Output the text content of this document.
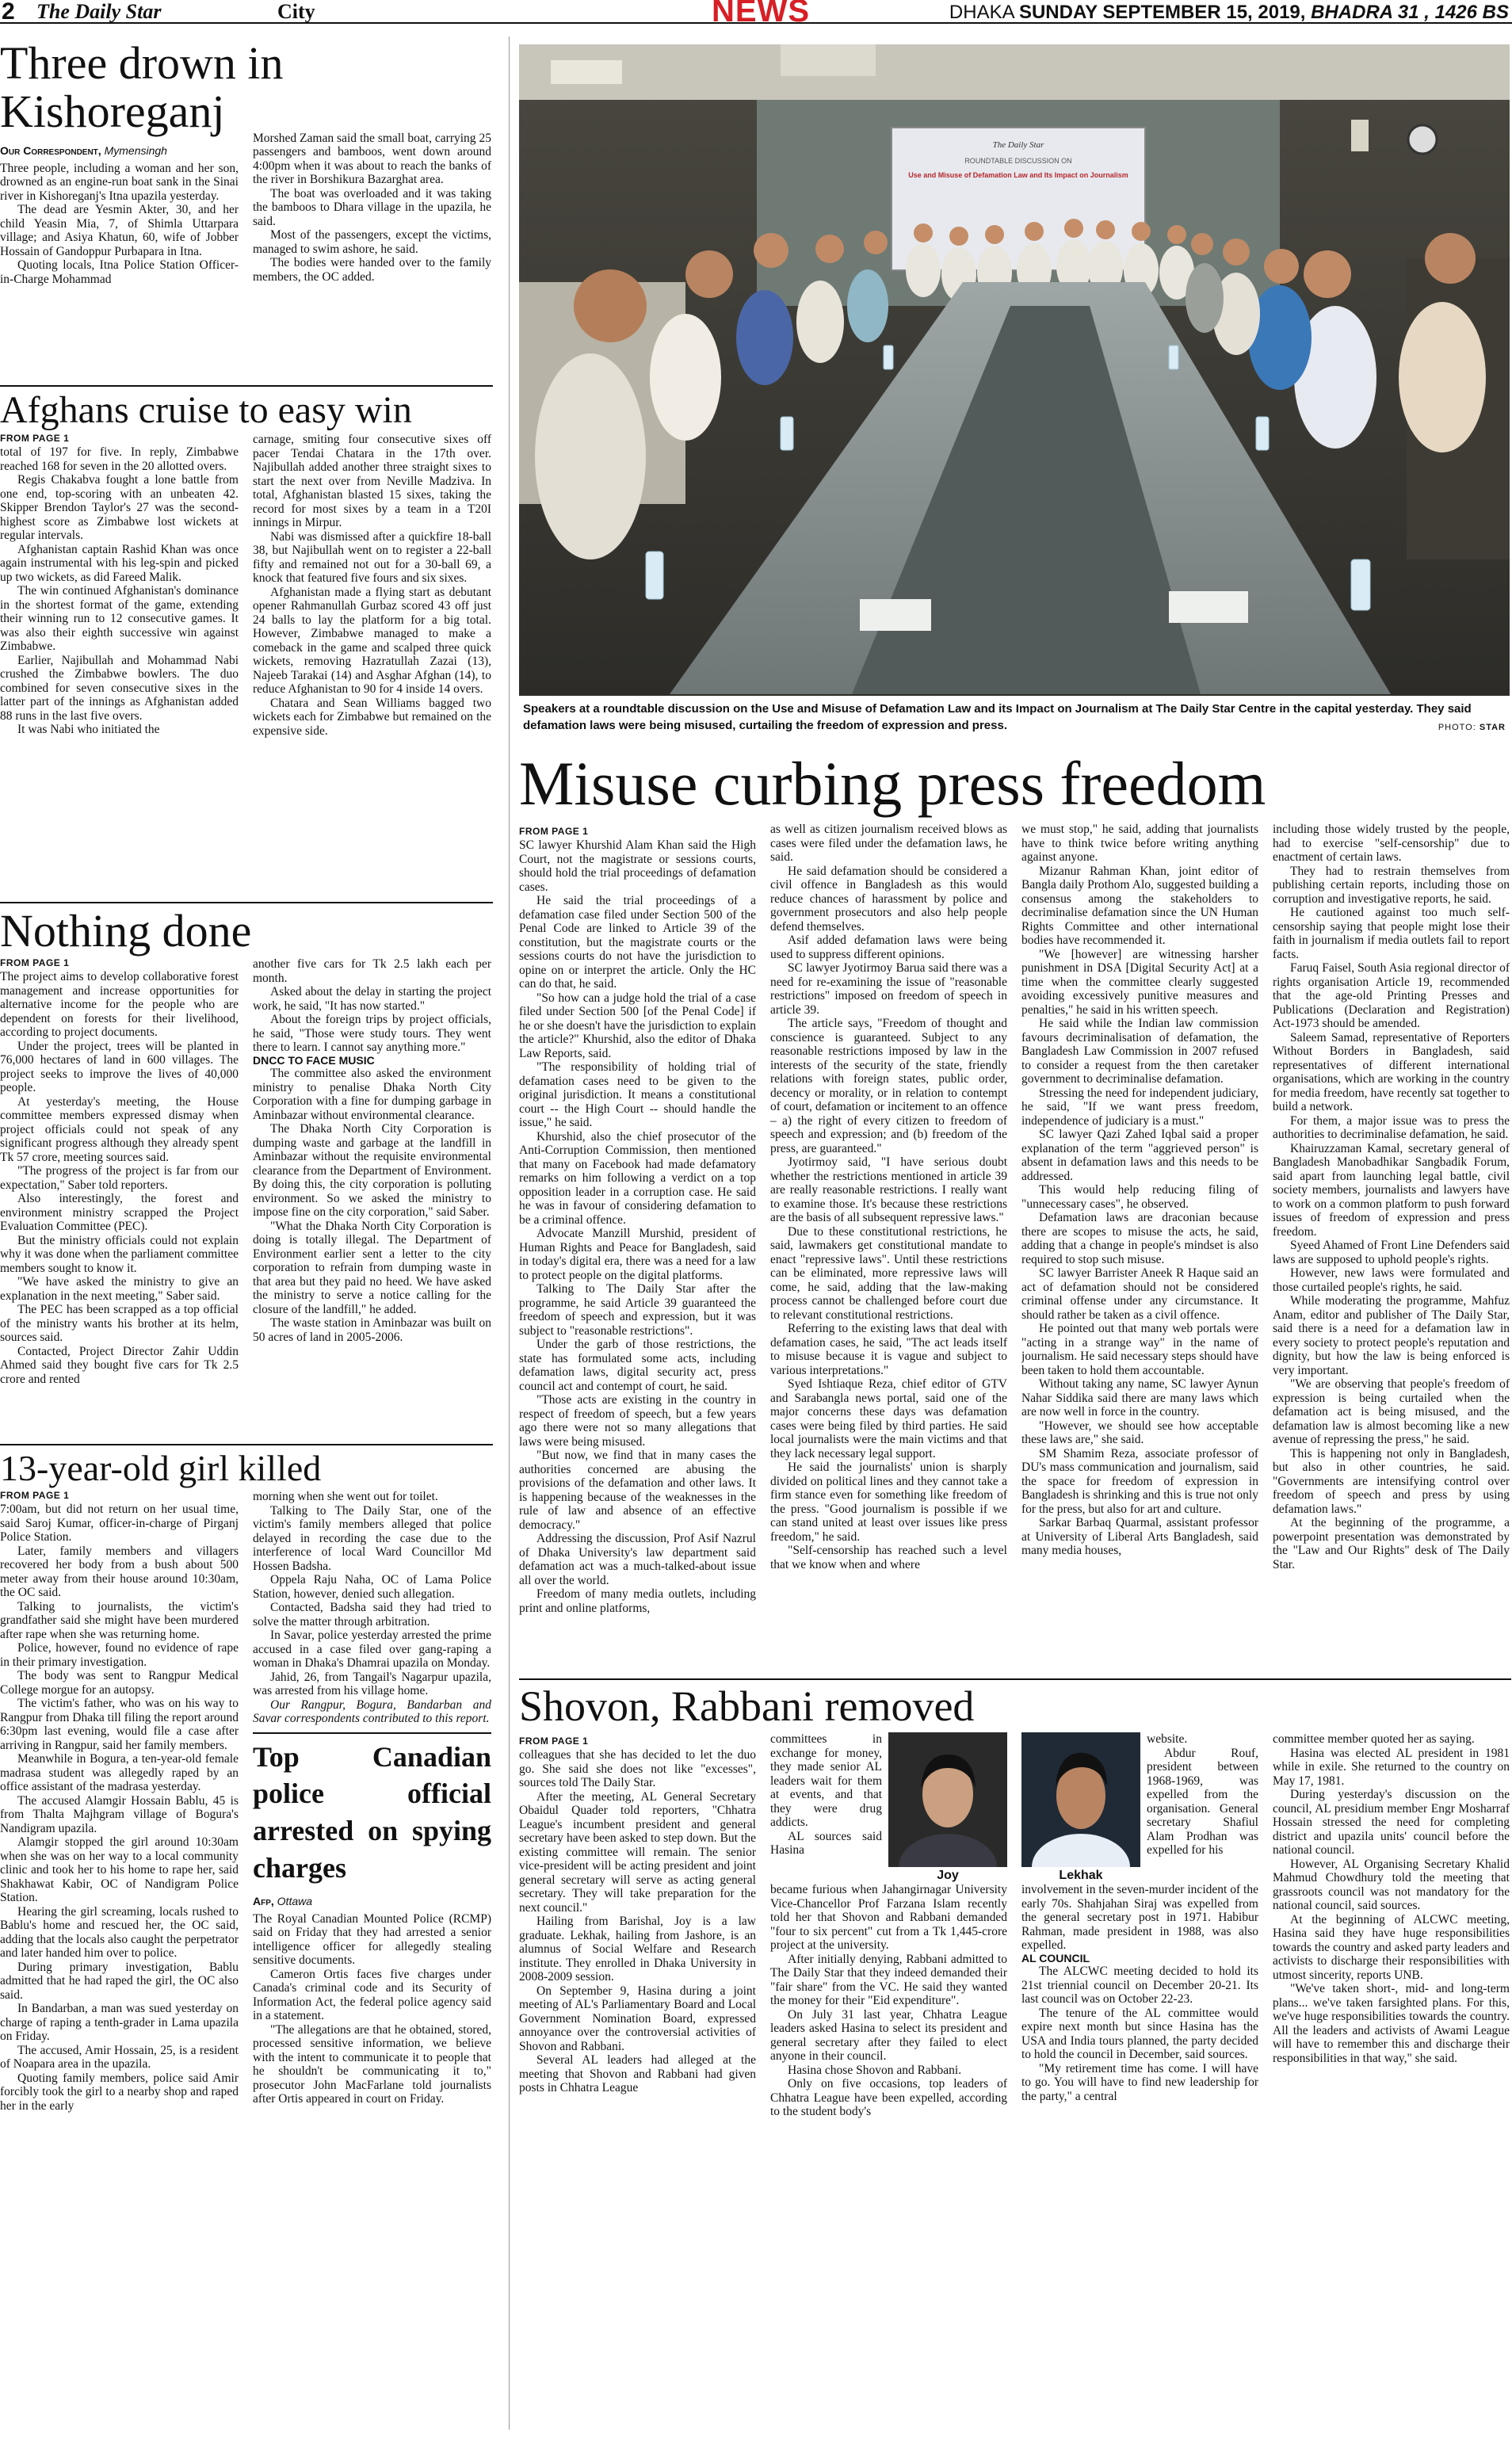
2 The Daily Star	City	NEWS	DHAKA SUNDAY SEPTEMBER 15, 2019, BHADRA 31 , 1426 BS
Three drown in Kishoreganj
Our Correspondent, Mymensingh

Three people, including a woman and her son, drowned as an engine-run boat sank in the Sinai river in Kishoreganj's Itna upazila yesterday.

The dead are Yesmin Akter, 30, and her child Yeasin Mia, 7, of Shimla Uttarpara village; and Asiya Khatun, 60, wife of Jobber Hossain of Gandoppur Purbapara in Itna.

Quoting locals, Itna Police Station Officer-in-Charge Mohammad

Morshed Zaman said the small boat, carrying 25 passengers and bamboos, went down around 4:00pm when it was about to reach the banks of the river in Borshikura Bazarghat area.

The boat was overloaded and it was taking the bamboos to Dhara village in the upazila, he said.

Most of the passengers, except the victims, managed to swim ashore, he said.

The bodies were handed over to the family members, the OC added.

Afghans cruise to easy win
FROM PAGE 1

total of 197 for five. In reply, Zimbabwe reached 168 for seven in the 20 allotted overs.

Regis Chakabva fought a lone battle from one end, top-scoring with an unbeaten 42. Skipper Brendon Taylor's 27 was the second-highest score as Zimbabwe lost wickets at regular intervals.

Afghanistan captain Rashid Khan was once again instrumental with his leg-spin and picked up two wickets, as did Fareed Malik.

The win continued Afghanistan's dominance in the shortest format of the game, extending their winning run to 12 consecutive games. It was also their eighth successive win against Zimbabwe.

Earlier, Najibullah and Mohammad Nabi crushed the Zimbabwe bowlers. The duo combined for seven consecutive sixes in the latter part of the innings as Afghanistan added 88 runs in the last five overs.

It was Nabi who initiated the

carnage, smiting four consecutive sixes off pacer Tendai Chatara in the 17th over. Najibullah added another three straight sixes to start the next over from Neville Madziva. In total, Afghanistan blasted 15 sixes, taking the record for most sixes by a team in a T20I innings in Mirpur.

Nabi was dismissed after a quickfire 18-ball 38, but Najibullah went on to register a 22-ball fifty and remained not out for a 30-ball 69, a knock that featured five fours and six sixes.

Afghanistan made a flying start as debutant opener Rahmanullah Gurbaz scored 43 off just 24 balls to lay the platform for a big total. However, Zimbabwe managed to make a comeback in the game and scalped three quick wickets, removing Hazratullah Zazai (13), Najeeb Tarakai (14) and Asghar Afghan (14), to reduce Afghanistan to 90 for 4 inside 14 overs.

Chatara and Sean Williams bagged two wickets each for Zimbabwe but remained on the expensive side.

Nothing done
FROM PAGE 1

The project aims to develop collaborative forest management and increase opportunities for alternative income for the people who are dependent on forests for their livelihood, according to project documents.

Under the project, trees will be planted in 76,000 hectares of land in 600 villages. The project seeks to improve the lives of 40,000 people.

At yesterday's meeting, the House committee members expressed dismay when project officials could not speak of any significant progress although they already spent Tk 57 crore, meeting sources said.

"The progress of the project is far from our expectation," Saber told reporters.

Also interestingly, the forest and environment ministry scrapped the Project Evaluation Committee (PEC).

But the ministry officials could not explain why it was done when the parliament committee members sought to know it.

"We have asked the ministry to give an explanation in the next meeting," Saber said.

The PEC has been scrapped as a top official of the ministry wants his brother at its helm, sources said.

Contacted, Project Director Zahir Uddin Ahmed said they bought five cars for Tk 2.5 crore and rented

another five cars for Tk 2.5 lakh each per month.

Asked about the delay in starting the project work, he said, "It has now started."

About the foreign trips by project officials, he said, "Those were study tours. They went there to learn. I cannot say anything more."

DNCC TO FACE MUSIC

The committee also asked the environment ministry to penalise Dhaka North City Corporation with a fine for dumping garbage in Aminbazar without environmental clearance.

The Dhaka North City Corporation is dumping waste and garbage at the landfill in Aminbazar without the requisite environmental clearance from the Department of Environment. By doing this, the city corporation is polluting environment. So we asked the ministry to impose fine on the city corporation," said Saber.

"What the Dhaka North City Corporation is doing is totally illegal. The Department of Environment earlier sent a letter to the city corporation to refrain from dumping waste in that area but they paid no heed. We have asked the ministry to serve a notice calling for the closure of the landfill," he added.

The waste station in Aminbazar was built on 50 acres of land in 2005-2006.

13-year-old girl killed
FROM PAGE 1

7:00am, but did not return on her usual time, said Saroj Kumar, officer-in-charge of Pirganj Police Station.

Later, family members and villagers recovered her body from a bush about 500 meter away from their house around 10:30am, the OC said.

Talking to journalists, the victim's grandfather said she might have been murdered after rape when she was returning home.

Police, however, found no evidence of rape in their primary investigation.

The body was sent to Rangpur Medical College morgue for an autopsy.

The victim's father, who was on his way to Rangpur from Dhaka till filing the report around 6:30pm last evening, would file a case after arriving in Rangpur, said her family members.

Meanwhile in Bogura, a ten-year-old female madrasa student was allegedly raped by an office assistant of the madrasa yesterday.

The accused Alamgir Hossain Bablu, 45 is from Thalta Majhgram village of Bogura's Nandigram upazila.

Alamgir stopped the girl around 10:30am when she was on her way to a local community clinic and took her to his home to rape her, said Shakhawat Kabir, OC of Nandigram Police Station.

Hearing the girl screaming, locals rushed to Bablu's home and rescued her, the OC said, adding that the locals also caught the perpetrator and later handed him over to police.

During primary investigation, Bablu admitted that he had raped the girl, the OC also said.

In Bandarban, a man was sued yesterday on charge of raping a tenth-grader in Lama upazila on Friday.

The accused, Amir Hossain, 25, is a resident of Noapara area in the upazila.

Quoting family members, police said Amir forcibly took the girl to a nearby shop and raped her in the early

morning when she went out for toilet.

Talking to The Daily Star, one of the victim's family members alleged that police delayed in recording the case due to the interference of local Ward Councillor Md Hossen Badsha.

Oppela Raju Naha, OC of Lama Police Station, however, denied such allegation.

Contacted, Badsha said they had tried to solve the matter through arbitration.

In Savar, police yesterday arrested the prime accused in a case filed over gang-raping a woman in Dhaka's Dhamrai upazila on Monday.

Jahid, 26, from Tangail's Nagarpur upazila, was arrested from his village home.

Our Rangpur, Bogura, Bandarban and Savar correspondents contributed to this report.

Top Canadian police official arrested on spying charges
Afp, Ottawa

The Royal Canadian Mounted Police (RCMP) said on Friday that they had arrested a senior intelligence officer for allegedly stealing sensitive documents.

Cameron Ortis faces five charges under Canada's criminal code and its Security of Information Act, the federal police agency said in a statement.

"The allegations are that he obtained, stored, processed sensitive information, we believe with the intent to communicate it to people that he shouldn't be communicating it to," prosecutor John MacFarlane told journalists after Ortis appeared in court on Friday.

The Daily Star
ROUNDTABLE DISCUSSION ON
Use and Misuse of Defamation Law and Its Impact on Journalism
Speakers at a roundtable discussion on the Use and Misuse of Defamation Law and its Impact on Journalism at The Daily Star Centre in the capital yesterday. They said defamation laws were being misused, curtailing the freedom of expression and press.	PHOTO: STAR
Misuse curbing press freedom
FROM PAGE 1

SC lawyer Khurshid Alam Khan said the High Court, not the magistrate or sessions courts, should hold the trial proceedings of defamation cases.

He said the trial proceedings of a defamation case filed under Section 500 of the Penal Code are linked to Article 39 of the constitution, but the magistrate courts or the sessions courts do not have the jurisdiction to opine on or interpret the article. Only the HC can do that, he said.

"So how can a judge hold the trial of a case filed under Section 500 [of the Penal Code] if he or she doesn't have the jurisdiction to explain the article?" Khurshid, also the editor of Dhaka Law Reports, said.

"The responsibility of holding trial of defamation cases need to be given to the original jurisdiction. It means a constitutional court -- the High Court -- should handle the issue," he said.

Khurshid, also the chief prosecutor of the Anti-Corruption Commission, then mentioned that many on Facebook had made defamatory remarks on him following a verdict on a top opposition leader in a corruption case. He said he was in favour of considering defamation to be a criminal offence.

Advocate Manzill Murshid, president of Human Rights and Peace for Bangladesh, said in today's digital era, there was a need for a law to protect people on the digital platforms.

Talking to The Daily Star after the programme, he said Article 39 guaranteed the freedom of speech and expression, but it was subject to "reasonable restrictions".

Under the garb of those restrictions, the state has formulated some acts, including defamation laws, digital security act, press council act and contempt of court, he said.

"Those acts are existing in the country in respect of freedom of speech, but a few years ago there were not so many allegations that laws were being misused.

"But now, we find that in many cases the authorities concerned are abusing the provisions of the defamation and other laws. It is happening because of the weaknesses in the rule of law and absence of an effective democracy."

Addressing the discussion, Prof Asif Nazrul of Dhaka University's law department said defamation act was a much-talked-about issue all over the world.

Freedom of many media outlets, including print and online platforms,

as well as citizen journalism received blows as cases were filed under the defamation laws, he said.

He said defamation should be considered a civil offence in Bangladesh as this would reduce chances of harassment by police and government prosecutors and also help people defend themselves.

Asif added defamation laws were being used to suppress different opinions.

SC lawyer Jyotirmoy Barua said there was a need for re-examining the issue of "reasonable restrictions" imposed on freedom of speech in article 39.

The article says, "Freedom of thought and conscience is guaranteed. Subject to any reasonable restrictions imposed by law in the interests of the security of the state, friendly relations with foreign states, public order, decency or morality, or in relation to contempt of court, defamation or incitement to an offence – a) the right of every citizen to freedom of speech and expression; and (b) freedom of the press, are guaranteed."

Jyotirmoy said, "I have serious doubt whether the restrictions mentioned in article 39 are really reasonable restrictions. I really want to examine those. It's because these restrictions are the basis of all subsequent repressive laws."

Due to these constitutional restrictions, he said, lawmakers get constitutional mandate to enact "repressive laws". Until these restrictions can be eliminated, more repressive laws will come, he said, adding that the law-making process cannot be challenged before court due to relevant constitutional restrictions.

Referring to the existing laws that deal with defamation cases, he said, "The act leads itself to misuse because it is vague and subject to various interpretations."

Syed Ishtiaque Reza, chief editor of GTV and Sarabangla news portal, said one of the major concerns these days was defamation cases were being filed by third parties. He said local journalists were the main victims and that they lack necessary legal support.

He said the journalists' union is sharply divided on political lines and they cannot take a firm stance even for something like freedom of the press. "Good journalism is possible if we can stand united at least over issues like press freedom," he said.

"Self-censorship has reached such a level that we know when and where

we must stop," he said, adding that journalists have to think twice before writing anything against anyone.

Mizanur Rahman Khan, joint editor of Bangla daily Prothom Alo, suggested building a consensus among the stakeholders to decriminalise defamation since the UN Human Rights Committee and other international bodies have recommended it.

"We [however] are witnessing harsher punishment in DSA [Digital Security Act] at a time when the committee clearly suggested avoiding excessively punitive measures and penalties," he said in his written speech.

He said while the Indian law commission favours decriminalisation of defamation, the Bangladesh Law Commission in 2007 refused to consider a request from the then caretaker government to decriminalise defamation.

Stressing the need for independent judiciary, he said, "If we want press freedom, independence of judiciary is a must."

SC lawyer Qazi Zahed Iqbal said a proper explanation of the term "aggrieved person" is absent in defamation laws and this needs to be addressed.

This would help reducing filing of "unnecessary cases", he observed.

Defamation laws are draconian because there are scopes to misuse the acts, he said, adding that a change in people's mindset is also required to stop such misuse.

SC lawyer Barrister Aneek R Haque said an act of defamation should not be considered criminal offense under any circumstance. It should rather be taken as a civil offence.

He pointed out that many web portals were "acting in a strange way" in the name of journalism. He said necessary steps should have been taken to hold them accountable.

Without taking any name, SC lawyer Aynun Nahar Siddika said there are many laws which are now well in force in the country.

"However, we should see how acceptable these laws are," she said.

SM Shamim Reza, associate professor of DU's mass communication and journalism, said the space for freedom of expression in Bangladesh is shrinking and this is true not only for the press, but also for art and culture.

Sarkar Barbaq Quarmal, assistant professor at University of Liberal Arts Bangladesh, said many media houses,

including those widely trusted by the people, had to exercise "self-censorship" due to enactment of certain laws.

They had to restrain themselves from publishing certain reports, including those on corruption and investigative reports, he said.

He cautioned against too much self-censorship saying that people might lose their faith in journalism if media outlets fail to report facts.

Faruq Faisel, South Asia regional director of rights organisation Article 19, recommended that the age-old Printing Presses and Publications (Declaration and Registration) Act-1973 should be amended.

Saleem Samad, representative of Reporters Without Borders in Bangladesh, said representatives of different international organisations, which are working in the country for media freedom, have recently sat together to build a network.

For them, a major issue was to press the authorities to decriminalise defamation, he said.

Khairuzzaman Kamal, secretary general of Bangladesh Manobadhikar Sangbadik Forum, said apart from launching legal battle, civil society members, journalists and lawyers have to work on a common platform to push forward issues of freedom of expression and press freedom.

Syeed Ahamed of Front Line Defenders said laws are supposed to uphold people's rights.

However, new laws were formulated and those curtailed people's rights, he said.

While moderating the programme, Mahfuz Anam, editor and publisher of The Daily Star, said there is a need for a defamation law in every society to protect people's reputation and dignity, but how the law is being enforced is very important.

"We are observing that people's freedom of expression is being curtailed when the defamation act is being misused, and the defamation law is almost becoming like a new avenue of repressing the press," he said.

This is happening not only in Bangladesh, but also in other countries, he said. "Governments are intensifying control over freedom of speech and press by using defamation laws."

At the beginning of the programme, a powerpoint presentation was demonstrated by the "Law and Our Rights" desk of The Daily Star.

Shovon, Rabbani removed
FROM PAGE 1

colleagues that she has decided to let the duo go. She said she does not like "excesses", sources told The Daily Star.

After the meeting, AL General Secretary Obaidul Quader told reporters, "Chhatra League's incumbent president and general secretary have been asked to step down. But the existing committee will remain. The senior vice-president will be acting president and joint general secretary will serve as acting general secretary. They will take preparation for the next council."

Hailing from Barishal, Joy is a law graduate. Lekhak, hailing from Jashore, is an alumnus of Social Welfare and Research institute. They enrolled in Dhaka University in 2008-2009 session.

On September 9, Hasina during a joint meeting of AL's Parliamentary Board and Local Government Nomination Board, expressed annoyance over the controversial activities of Shovon and Rabbani.

Several AL leaders had alleged at the meeting that Shovon and Rabbani had given posts in Chhatra League

committees in exchange for money, they made senior AL leaders wait for them at events, and that they were drug addicts.

AL sources said Hasina

Joy

became furious when Jahangirnagar University Vice-Chancellor Prof Farzana Islam recently told her that Shovon and Rabbani demanded "four to six percent" cut from a Tk 1,445-crore project at the university.

After initially denying, Rabbani admitted to The Daily Star that they indeed demanded their "fair share" from the VC. He said they wanted the money for their "Eid expenditure".

On July 31 last year, Chhatra League leaders asked Hasina to select its president and general secretary after they failed to elect anyone in their council.

Hasina chose Shovon and Rabbani.

Only on five occasions, top leaders of Chhatra League have been expelled, according to the student body's

Lekhak

website.

Abdur Rouf, president between 1968-1969, was expelled from the organisation. General secretary Shafiul Alam Prodhan was expelled for his

involvement in the seven-murder incident of the early 70s. Shahjahan Siraj was expelled from the general secretary post in 1971. Habibur Rahman, made president in 1988, was also expelled.

AL COUNCIL

The ALCWC meeting decided to hold its 21st triennial council on December 20-21. Its last council was on October 22-23.

The tenure of the AL committee would expire next month but since Hasina has the USA and India tours planned, the party decided to hold the council in December, said sources.

"My retirement time has come. I will have to go. You will have to find new leadership for the party," a central

committee member quoted her as saying.

Hasina was elected AL president in 1981 while in exile. She returned to the country on May 17, 1981.

During yesterday's discussion on the council, AL presidium member Engr Mosharraf Hossain stressed the need for completing district and upazila units' council before the national council.

However, AL Organising Secretary Khalid Mahmud Chowdhury told the meeting that grassroots council was not mandatory for the national council, said sources.

At the beginning of ALCWC meeting, Hasina said they have huge responsibilities towards the country and asked party leaders and activists to discharge their responsibilities with utmost sincerity, reports UNB.

"We've taken short-, mid- and long-term plans... we've taken farsighted plans. For this, we've huge responsibilities towards the country. All the leaders and activists of Awami League will have to remember this and discharge their responsibilities in that way," she said.
